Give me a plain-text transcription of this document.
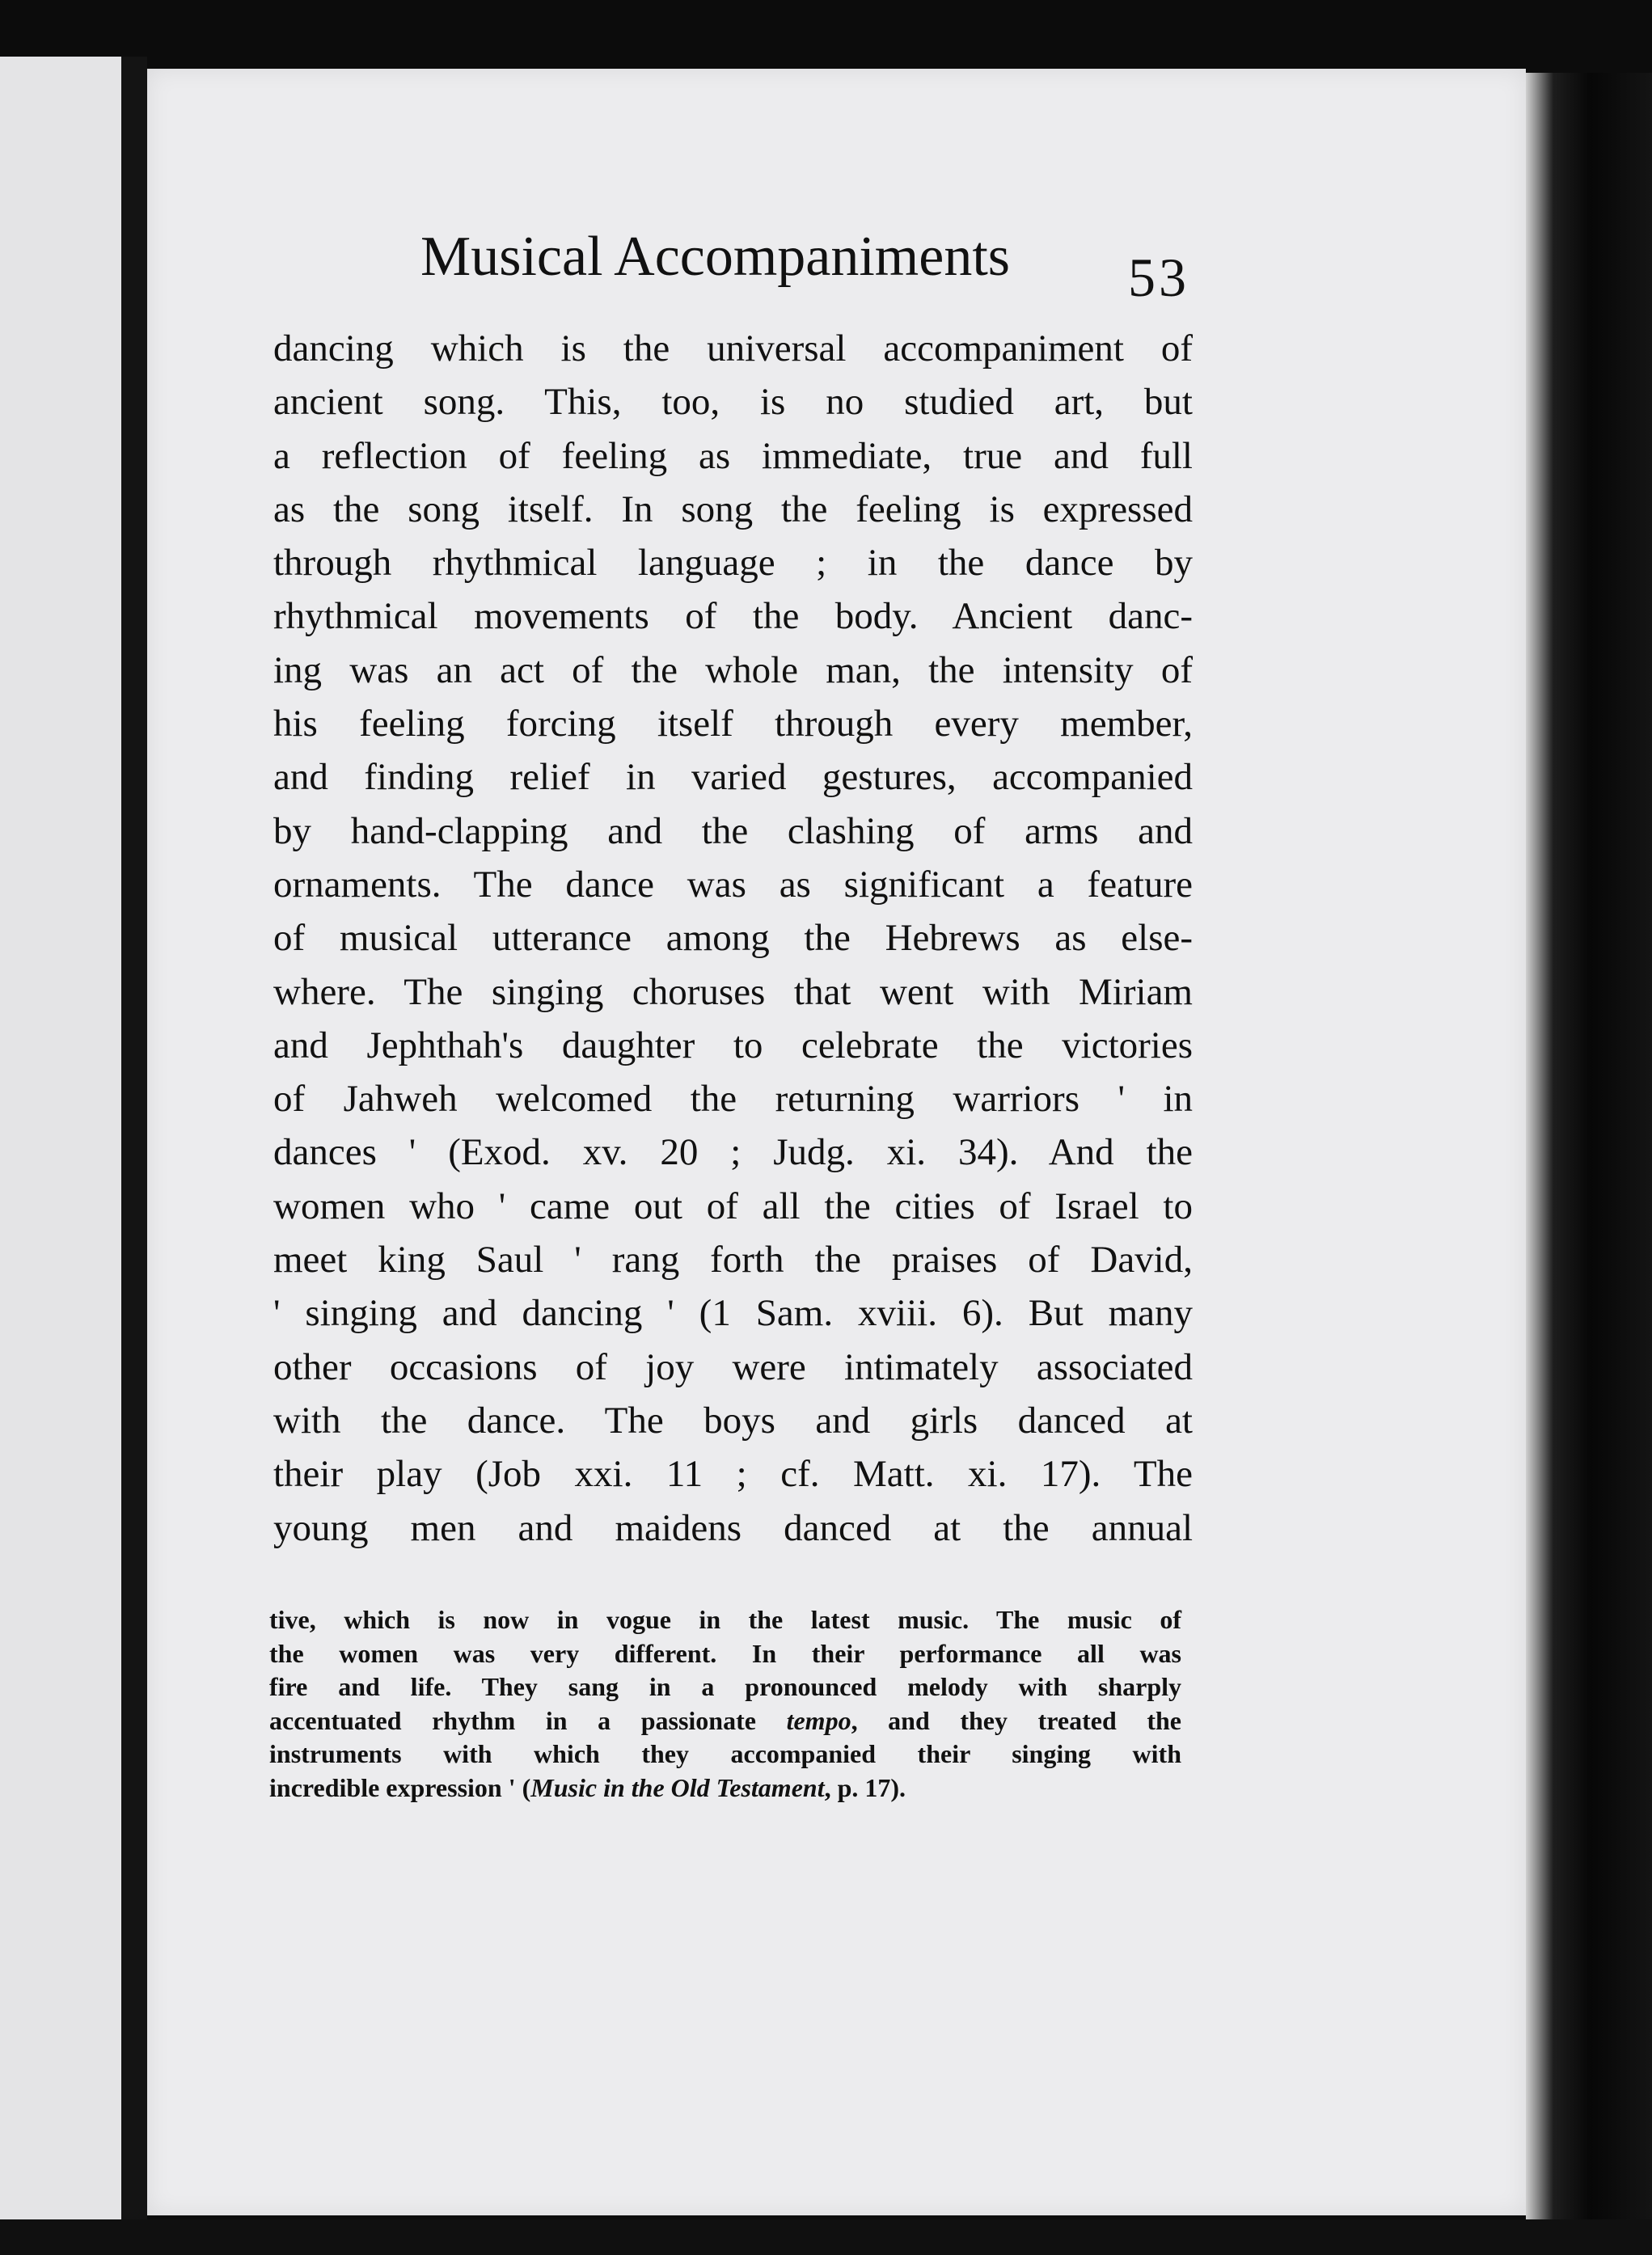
Musical Accompaniments	53
dancing which is the universal accompaniment of
ancient song. This, too, is no studied art, but
a reflection of feeling as immediate, true and full
as the song itself. In song the feeling is expressed
through rhythmical language ; in the dance by
rhythmical movements of the body. Ancient danc-
ing was an act of the whole man, the intensity of
his feeling forcing itself through every member,
and finding relief in varied gestures, accompanied
by hand-clapping and the clashing of arms and
ornaments. The dance was as significant a feature
of musical utterance among the Hebrews as else-
where. The singing choruses that went with Miriam
and Jephthah's daughter to celebrate the victories
of Jahweh welcomed the returning warriors ' in
dances ' (Exod. xv. 20 ; Judg. xi. 34). And the
women who ' came out of all the cities of Israel to
meet king Saul ' rang forth the praises of David,
' singing and dancing ' (1 Sam. xviii. 6). But many
other occasions of joy were intimately associated
with the dance. The boys and girls danced at
their play (Job xxi. 11 ; cf. Matt. xi. 17). The
young men and maidens danced at the annual
tive, which is now in vogue in the latest music. The music of
the women was very different. In their performance all was
fire and life. They sang in a pronounced melody with sharply
accentuated rhythm in a passionate tempo, and they treated the
instruments with which they accompanied their singing with
incredible expression ' (Music in the Old Testament, p. 17).
